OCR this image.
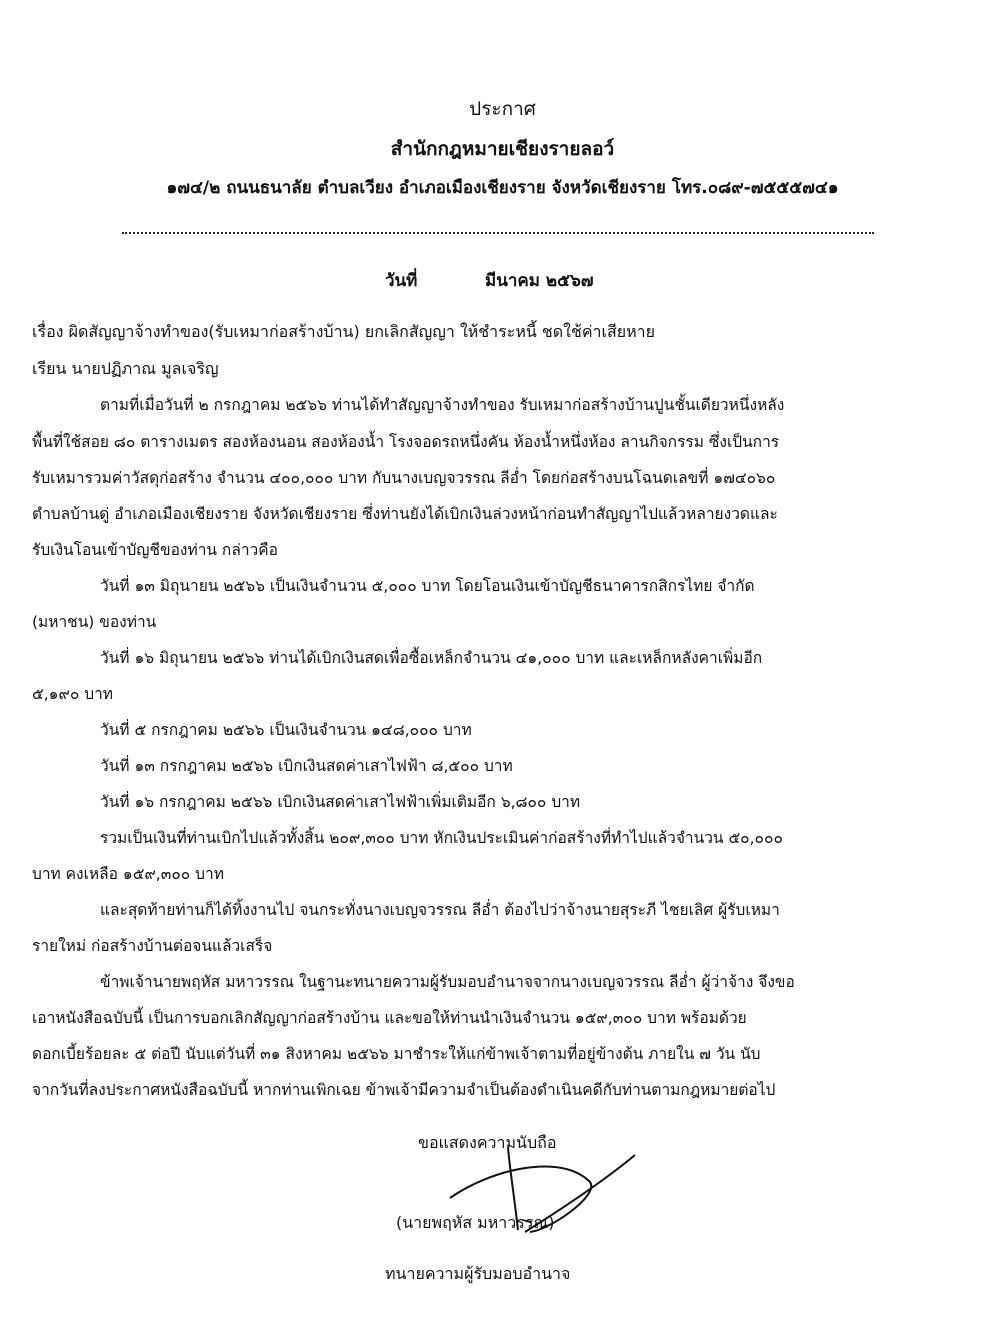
ประกาศ
สำนักกฎหมายเชียงรายลอว์
๑๗๔/๒ ถนนธนาลัย ตำบลเวียง อำเภอเมืองเชียงราย จังหวัดเชียงราย โทร.๐๘๙-๗๕๕๕๗๔๑
วันที่	มีนาคม ๒๕๖๗
เรื่อง ผิดสัญญาจ้างทำของ(รับเหมาก่อสร้างบ้าน) ยกเลิกสัญญา ให้ชำระหนี้ ชดใช้ค่าเสียหาย
เรียน นายปฏิภาณ มูลเจริญ
ตามที่เมื่อวันที่ ๒ กรกฎาคม ๒๕๖๖ ท่านได้ทำสัญญาจ้างทำของ รับเหมาก่อสร้างบ้านปูนชั้นเดียวหนึ่งหลัง
พื้นที่ใช้สอย ๘๐ ตารางเมตร สองห้องนอน สองห้องน้ำ โรงจอดรถหนึ่งคัน ห้องน้ำหนึ่งห้อง ลานกิจกรรม ซึ่งเป็นการ
รับเหมารวมค่าวัสดุก่อสร้าง จำนวน ๔๐๐,๐๐๐ บาท กับนางเบญจวรรณ ลีอ่ำ โดยก่อสร้างบนโฉนดเลขที่ ๑๗๔๐๖๐
ตำบลบ้านดู่ อำเภอเมืองเชียงราย จังหวัดเชียงราย ซึ่งท่านยังได้เบิกเงินล่วงหน้าก่อนทำสัญญาไปแล้วหลายงวดและ
รับเงินโอนเข้าบัญชีของท่าน กล่าวคือ
วันที่ ๑๓ มิถุนายน ๒๕๖๖ เป็นเงินจำนวน ๕,๐๐๐ บาท โดยโอนเงินเข้าบัญชีธนาคารกสิกรไทย จำกัด
(มหาชน) ของท่าน
วันที่ ๑๖ มิถุนายน ๒๕๖๖ ท่านได้เบิกเงินสดเพื่อซื้อเหล็กจำนวน ๔๑,๐๐๐ บาท และเหล็กหลังคาเพิ่มอีก
๕,๑๙๐ บาท
วันที่ ๕ กรกฎาคม ๒๕๖๖ เป็นเงินจำนวน ๑๔๘,๐๐๐ บาท
วันที่ ๑๓ กรกฎาคม ๒๕๖๖ เบิกเงินสดค่าเสาไฟฟ้า ๘,๕๐๐ บาท
วันที่ ๑๖ กรกฎาคม ๒๕๖๖ เบิกเงินสดค่าเสาไฟฟ้าเพิ่มเติมอีก ๖,๘๐๐ บาท
รวมเป็นเงินที่ท่านเบิกไปแล้วทั้งสิ้น ๒๐๙,๓๐๐ บาท หักเงินประเมินค่าก่อสร้างที่ทำไปแล้วจำนวน ๕๐,๐๐๐
บาท คงเหลือ ๑๕๙,๓๐๐ บาท
และสุดท้ายท่านก็ได้ทิ้งงานไป จนกระทั่งนางเบญจวรรณ ลีอ่ำ ต้องไปว่าจ้างนายสุระภี ไชยเลิศ ผู้รับเหมา
รายใหม่ ก่อสร้างบ้านต่อจนแล้วเสร็จ
ข้าพเจ้านายพฤหัส มหาวรรณ ในฐานะทนายความผู้รับมอบอำนาจจากนางเบญจวรรณ ลีอ่ำ ผู้ว่าจ้าง จึงขอ
เอาหนังสือฉบับนี้ เป็นการบอกเลิกสัญญาก่อสร้างบ้าน และขอให้ท่านนำเงินจำนวน ๑๕๙,๓๐๐ บาท พร้อมด้วย
ดอกเบี้ยร้อยละ ๕ ต่อปี นับแต่วันที่ ๓๑ สิงหาคม ๒๕๖๖ มาชำระให้แก่ข้าพเจ้าตามที่อยู่ข้างต้น ภายใน ๗ วัน นับ
จากวันที่ลงประกาศหนังสือฉบับนี้ หากท่านเพิกเฉย ข้าพเจ้ามีความจำเป็นต้องดำเนินคดีกับท่านตามกฎหมายต่อไป
ขอแสดงความนับถือ
(นายพฤหัส มหาวรรณ)
ทนายความผู้รับมอบอำนาจ
